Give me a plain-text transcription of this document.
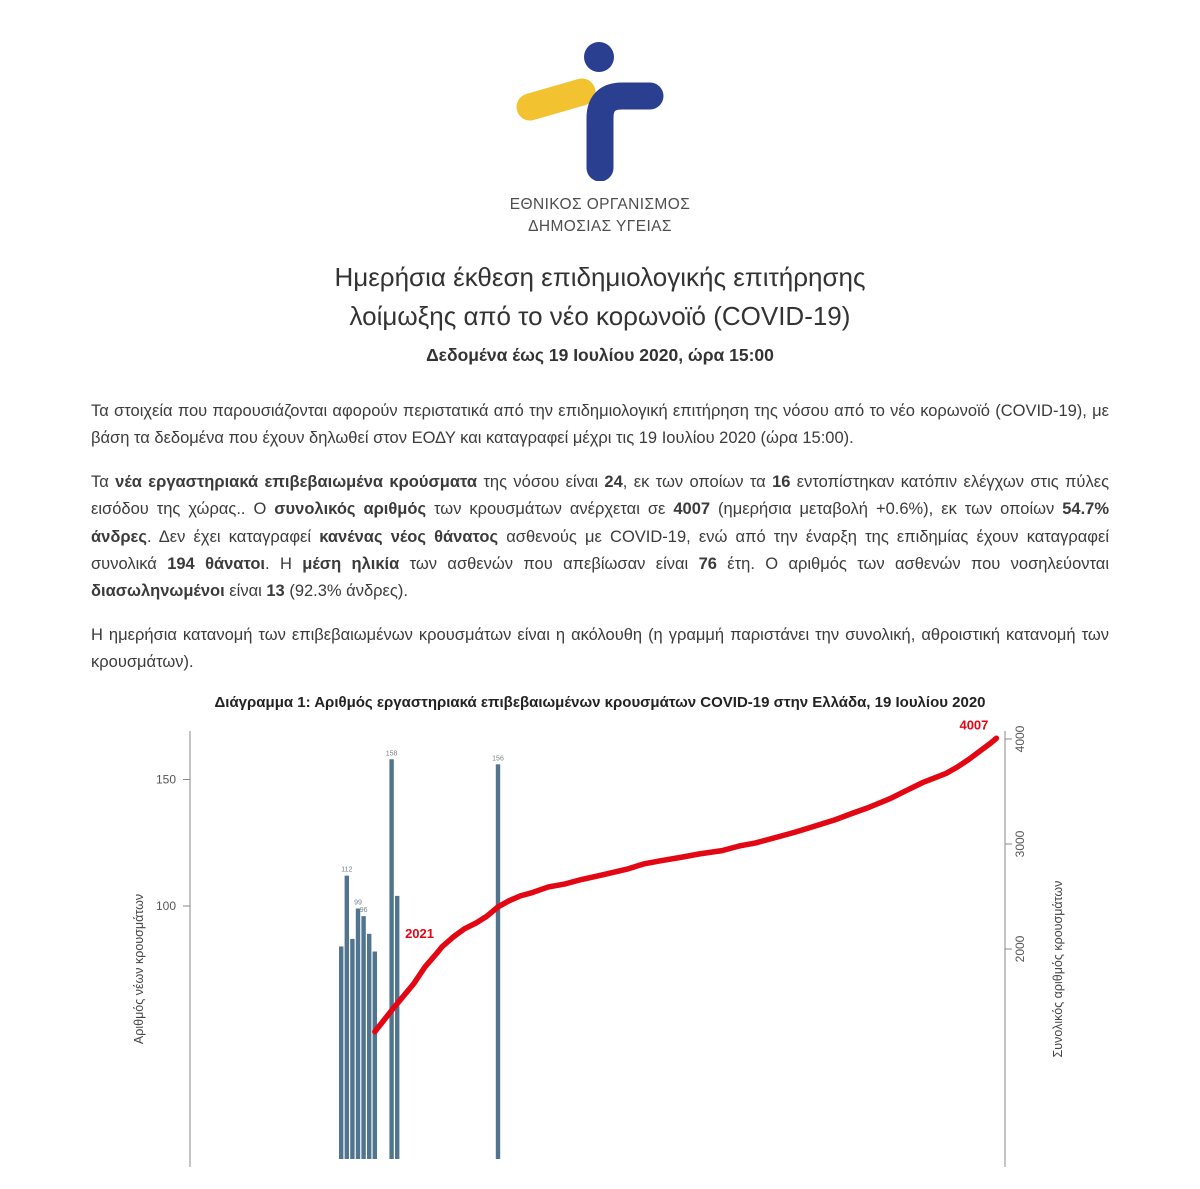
ΕΘΝΙΚΟΣ ΟΡΓΑΝΙΣΜΟΣ
ΔΗΜΟΣΙΑΣ ΥΓΕΙΑΣ
Ημερήσια έκθεση επιδημιολογικής επιτήρησης
λοίμωξης από το νέο κορωνοϊό (COVID-19)
Δεδομένα έως 19 Ιουλίου 2020, ώρα 15:00

Τα στοιχεία που παρουσιάζονται αφορούν περιστατικά από την επιδημιολογική επιτήρηση της νόσου από το νέο κορωνοϊό (COVID-19), με βάση τα δεδομένα που έχουν δηλωθεί στον ΕΟΔΥ και καταγραφεί μέχρι τις 19 Ιουλίου 2020 (ώρα 15:00).

Τα νέα εργαστηριακά επιβεβαιωμένα κρούσματα της νόσου είναι 24, εκ των οποίων τα 16 εντοπίστηκαν κατόπιν ελέγχων στις πύλες εισόδου της χώρας.. Ο συνολικός αριθμός των κρουσμάτων ανέρχεται σε 4007 (ημερήσια μεταβολή +0.6%), εκ των οποίων 54.7% άνδρες. Δεν έχει καταγραφεί κανένας νέος θάνατος ασθενούς με COVID-19, ενώ από την έναρξη της επιδημίας έχουν καταγραφεί συνολικά 194 θάνατοι. Η μέση ηλικία των ασθενών που απεβίωσαν είναι 76 έτη. Ο αριθμός των ασθενών που νοσηλεύονται διασωληνωμένοι είναι 13 (92.3% άνδρες).

Η ημερήσια κατανομή των επιβεβαιωμένων κρουσμάτων είναι η ακόλουθη (η γραμμή παριστάνει την συνολική, αθροιστική κατανομή των κρουσμάτων).

Διάγραμμα 1: Αριθμός εργαστηριακά επιβεβαιωμένων κρουσμάτων COVID-19 στην Ελλάδα, 19 Ιουλίου 2020
150
100
4000
3000
2000
Αριθμός νέων κρουσμάτων	Συνολικός αριθμός κρουσμάτων
112
99
96
158
156
2021
4007
